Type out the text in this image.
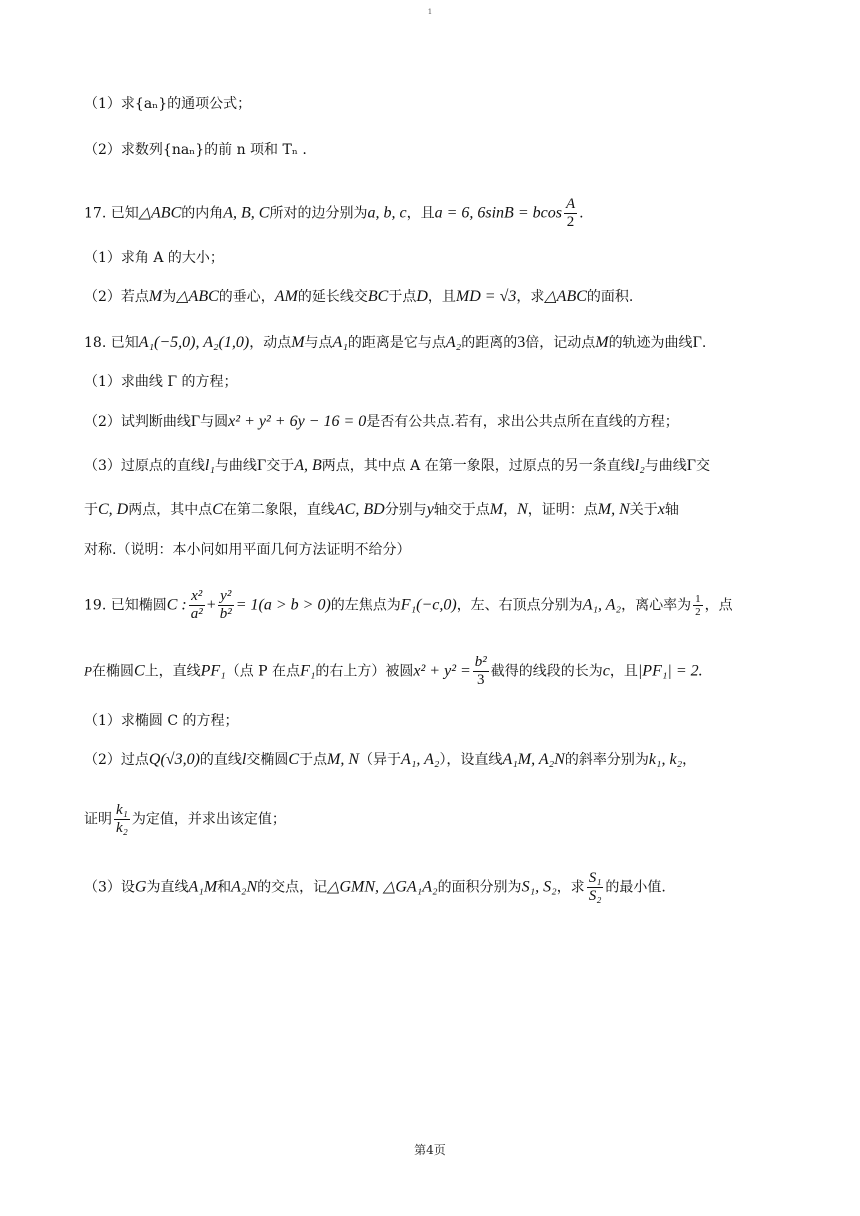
1
（1）求{aₙ}的通项公式；
（2）求数列{naₙ}的前 n 项和 Tₙ .
17. 已知△ABC的内角A, B, C所对的边分别为a, b, c，且a = 6, 6sinB = bcos $\frac{A}{2}$ .
（1）求角 A 的大小；
（2）若点M为△ABC的垂心，AM的延长线交BC于点D，且MD = √3，求△ABC的面积.
18. 已知A₁(−5,0), A₂(1,0)，动点M与点A₁的距离是它与点A₂的距离的3倍，记动点M的轨迹为曲线Γ.
（1）求曲线 Γ 的方程；
（2）试判断曲线Γ与圆x² + y² + 6y − 16 = 0是否有公共点.若有，求出公共点所在直线的方程；
（3）过原点的直线l₁与曲线Γ交于A, B两点，其中点 A 在第一象限，过原点的另一条直线l₂与曲线Γ交
于C, D两点，其中点C在第二象限，直线AC, BD分别与y轴交于点M，N，证明：点M, N关于x轴
对称.（说明：本小问如用平面几何方法证明不给分）
19. 已知椭圆C : $\frac{\text{x²}}{\text{a²}} + \frac{\text{y²}}{\text{b²}} = 1(a > b > 0)$的左焦点为F₁(−c,0)，左、右顶点分别为A₁, A₂，离心率为 $\frac{1}{2}$ ，点
P在椭圆C上，直线PF₁（点 P 在点F₁的右上方）被圆$x^2 + y^2 = \frac{\text{b²}}{3}$ 截得的线段的长为c，且|PF₁| = 2.
（1）求椭圆 C 的方程；
（2）过点Q(√3,0)的直线l交椭圆C于点M, N（异于A₁, A₂），设直线A₁M, A₂N的斜率分别为k₁, k₂，
证明 $\frac{\text{k₁}}{\text{k₂}}$ 为定值，并求出该定值；
（3）设G为直线A₁M和A₂N的交点，记△GMN, △GA₁A₂的面积分别为S₁, S₂，求 $\frac{\text{S₁}}{\text{S₂}}$ 的最小值.
第4页
